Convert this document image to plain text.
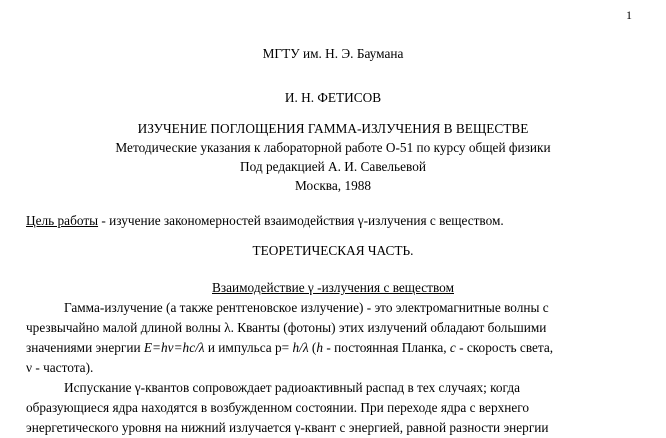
1
МГТУ им. Н. Э. Баумана
И. Н. ФЕТИСОВ
ИЗУЧЕНИЕ ПОГЛОЩЕНИЯ ГАММА-ИЗЛУЧЕНИЯ В ВЕЩЕСТВЕ
Методические указания к лабораторной работе О-51 по курсу общей физики
Под редакцией А. И. Савельевой
Москва, 1988
Цель работы - изучение закономерностей взаимодействия γ-излучения с веществом.
ТЕОРЕТИЧЕСКАЯ ЧАСТЬ.
Взаимодействие γ -излучения с веществом
Гамма-излучение (а также рентгеновское излучение) - это электромагнитные волны с
чрезвычайно малой длиной волны λ. Кванты (фотоны) этих излучений обладают большими
значениями энергии E=hν=hc/λ и импульса p= h/λ (h - постоянная Планка, c - скорость света,
ν - частота).
Испускание γ-квантов сопровождает радиоактивный распад в тех случаях; когда
образующиеся ядра находятся в возбужденном состоянии. При переходе ядра с верхнего
энергетического уровня на нижний излучается γ-квант с энергией, равной разности энергии
